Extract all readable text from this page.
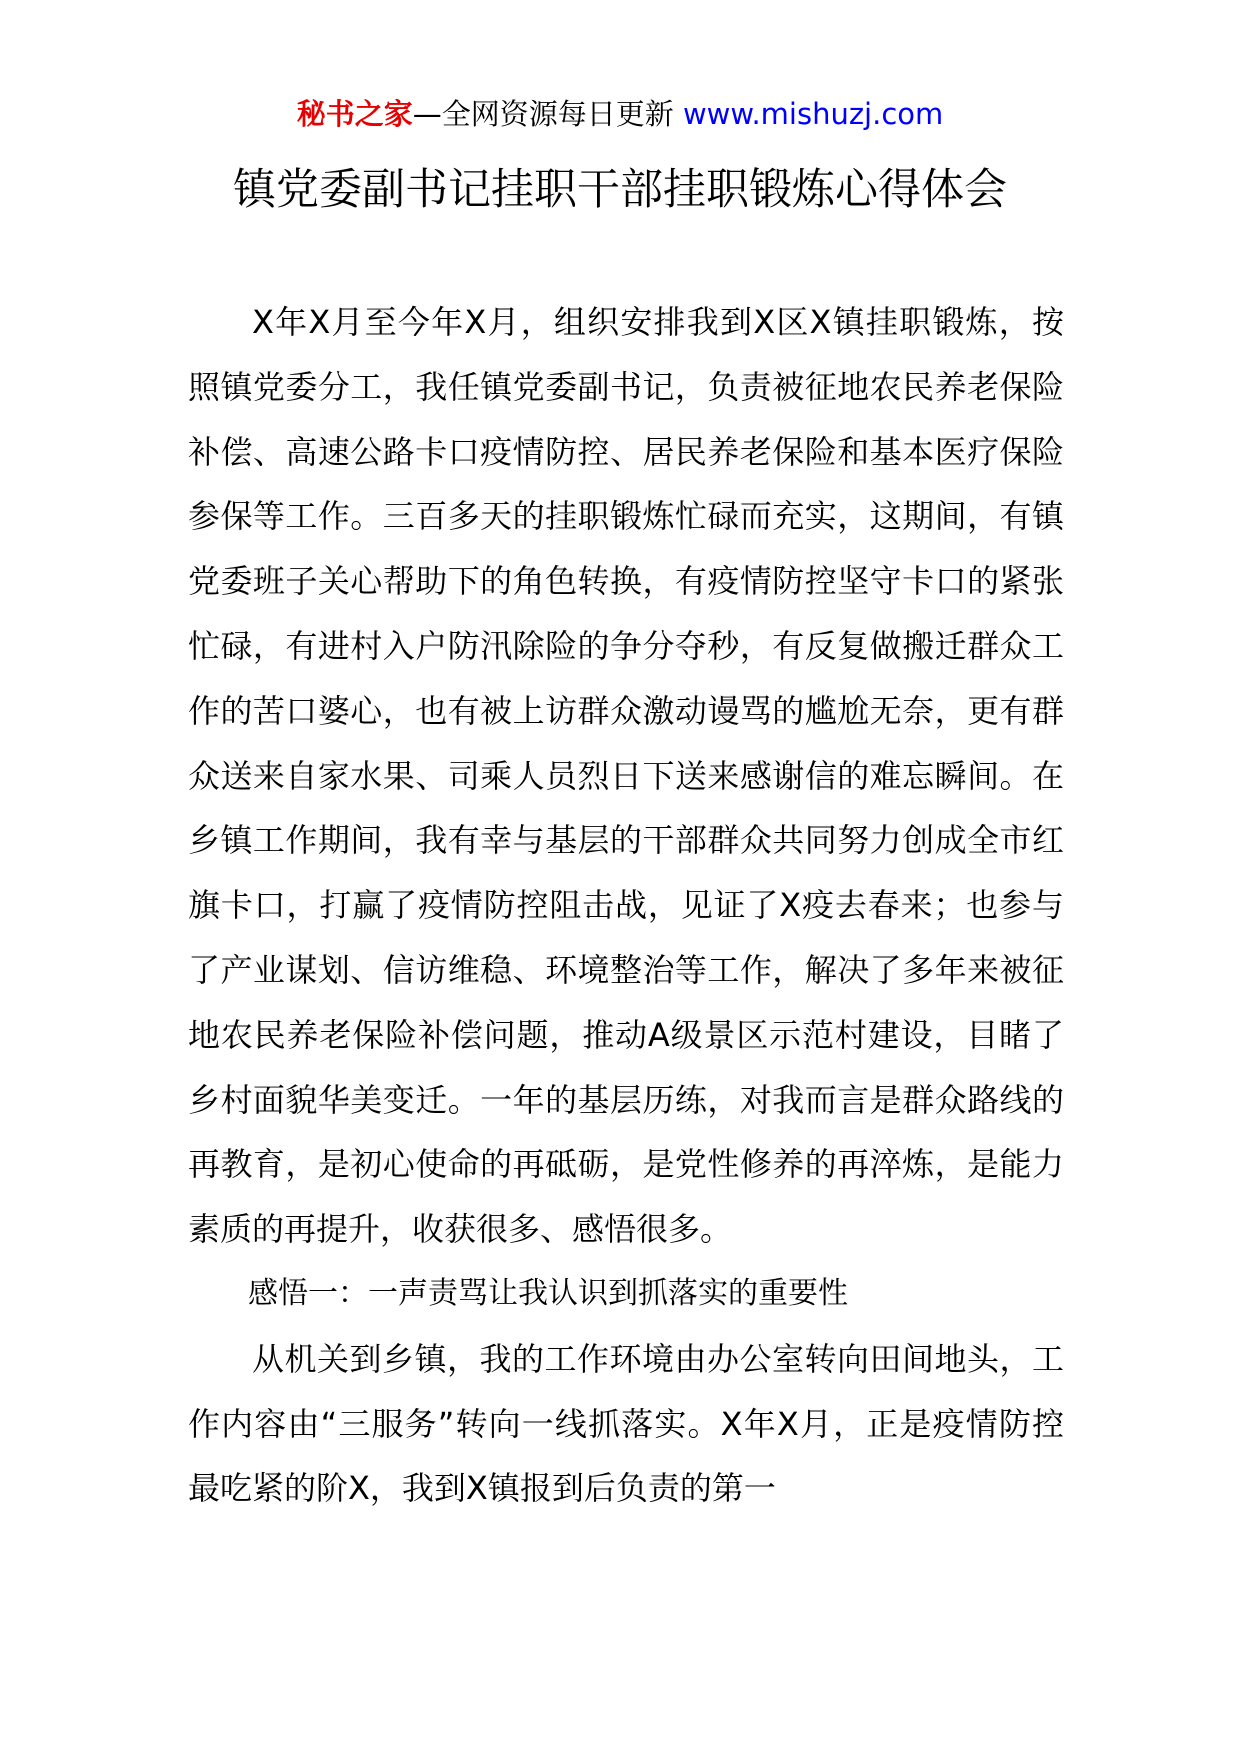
秘书之家—全网资源每日更新 www.mishuzj.com
镇党委副书记挂职干部挂职锻炼心得体会

X年X月至今年X月，组织安排我到X区X镇挂职锻炼，按照镇党委分工，我任镇党委副书记，负责被征地农民养老保险补偿、高速公路卡口疫情防控、居民养老保险和基本医疗保险参保等工作。三百多天的挂职锻炼忙碌而充实，这期间，有镇党委班子关心帮助下的角色转换，有疫情防控坚守卡口的紧张忙碌，有进村入户防汛除险的争分夺秒，有反复做搬迁群众工作的苦口婆心，也有被上访群众激动谩骂的尴尬无奈，更有群众送来自家水果、司乘人员烈日下送来感谢信的难忘瞬间。在乡镇工作期间，我有幸与基层的干部群众共同努力创成全市红旗卡口，打赢了疫情防控阻击战，见证了X疫去春来；也参与了产业谋划、信访维稳、环境整治等工作，解决了多年来被征地农民养老保险补偿问题，推动A级景区示范村建设，目睹了乡村面貌华美变迁。一年的基层历练，对我而言是群众路线的再教育，是初心使命的再砥砺，是党性修养的再淬炼，是能力素质的再提升，收获很多、感悟很多。

感悟一：一声责骂让我认识到抓落实的重要性

从机关到乡镇，我的工作环境由办公室转向田间地头，工作内容由“三服务”转向一线抓落实。X年X月，正是疫情防控最吃紧的阶X，我到X镇报到后负责的第一
